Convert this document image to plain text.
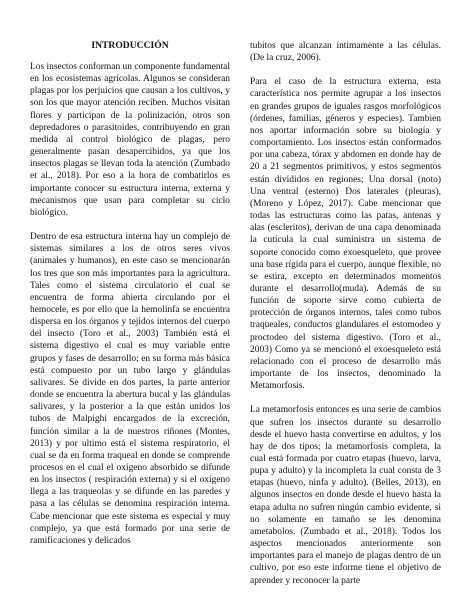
INTRODUCCIÓN

Los insectos conforman un componente fundamental en los ecosistemas agrícolas. Algunos se consideran plagas por los perjuicios que causan a los cultivos, y son los que mayor atención reciben. Muchos visitan flores y participan de la polinización, otros son depredadores o parasitoides, contribuyendo en gran medida al control biológico de plagas, pero generalmente pasan desapercibidos, ya que los insectos plagas se llevan toda la atención (Zumbado et al., 2018). Por eso a la hora de combatirlos es importante conocer su estructura interna, externa y mecanismos que usan para completar su ciclo biológico.

Dentro de esa estructura interna hay un complejo de sistemas similares a los de otros seres vivos (animales y humanos), en este caso se mencionarán los tres que son más importantes para la agricultura. Tales como el sistema circulatorio el cual se encuentra de forma abierta circulando por el hemocele, es por ello que la hemolinfa se encuentra dispersa en los órganos y tejidos internos del cuerpo del insecto (Toro et al., 2003) También está el sistema digestivo el cual es muy variable entre grupos y fases de desarrollo; en su forma más básica está compuesto por un tubo largo y glándulas salivares. Se divide en dos partes, la parte anterior donde se encuentra la abertura bucal y las glándulas salivares, y la posterior a la que están unidos los tubos de Malpighi encargados de la excreción, función similar a la de nuestros riñones (Montes, 2013) y por ultimo está el sistema respiratorio, el cual se da en forma traqueal en donde se comprende procesos en el cual el oxígeno absorbido se difunde en los insectos ( respiración externa) y si el oxígeno llega a las traqueolas y se difunde en las paredes y pasa a las células se denomina respiración interna. Cabe mencionar que este sistema es especial y muy complejo, ya que está formado por una serie de ramificaciones y delicados

tubitos que alcanzan íntimamente a las células. (De la cruz, 2006).

Para el caso de la estructura externa, esta característica nos permite agrupar a los insectos en grandes grupos de iguales rasgos morfológicos (órdenes, familias, géneros y especies). Tambien nos aportar información sobre su biología y comportamiento. Los insectos están conformados por una cabeza, tórax y abdomen en donde hay de 20 a 21 segmentos primitivos, y estos segmentos están divididos en regiones; Una dorsal (noto) Una ventral (esterno) Dos laterales (pleuras), (Moreno y López, 2017). Cabe mencionar que todas las estructuras como las patas, antenas y alas (escleritos), derivan de una capa denominada la cutícula la cual suministra un sistema de soporte conocido como exoesqueleto, que provee una base rígida para el cuerpo, aunque flexible, no se estira, excepto en determinados momentos durante el desarrollo(muda). Además de su función de soporte sirve como cubierta de protección de órganos internos, tales como tubos traqueales, conductos glandulares el estomodeo y proctodeo del sistema digestivo. (Toro et al., 2003) Como ya se mencionó el exoesqueleto está relacionado con el proceso de desarrollo más importante de los insectos, denominado la Metamorfosis.

La metamorfosis entonces es una serie de cambios que sufren los insectos durante su desarrollo desde el huevo hasta convertirse en adultos, y los hay de dos tipos; la metamorfosis completa, la cual está formada por cuatro etapas (huevo, larva, pupa y adulto) y la incompleta la cual consta de 3 etapas (huevo, ninfa y adulto). (Belles, 2013), en algunos insectos en donde desde el huevo hasta la etapa adulta no sufren ningún cambio evidente, si no solamente en tamaño se les denomina ametabolos. (Zumbado et al., 2018). Todos los aspectos mencionados anteriormente son importantes para el manejo de plagas dentro de un cultivo, por eso este informe tiene el objetivo de aprender y reconocer la parte
